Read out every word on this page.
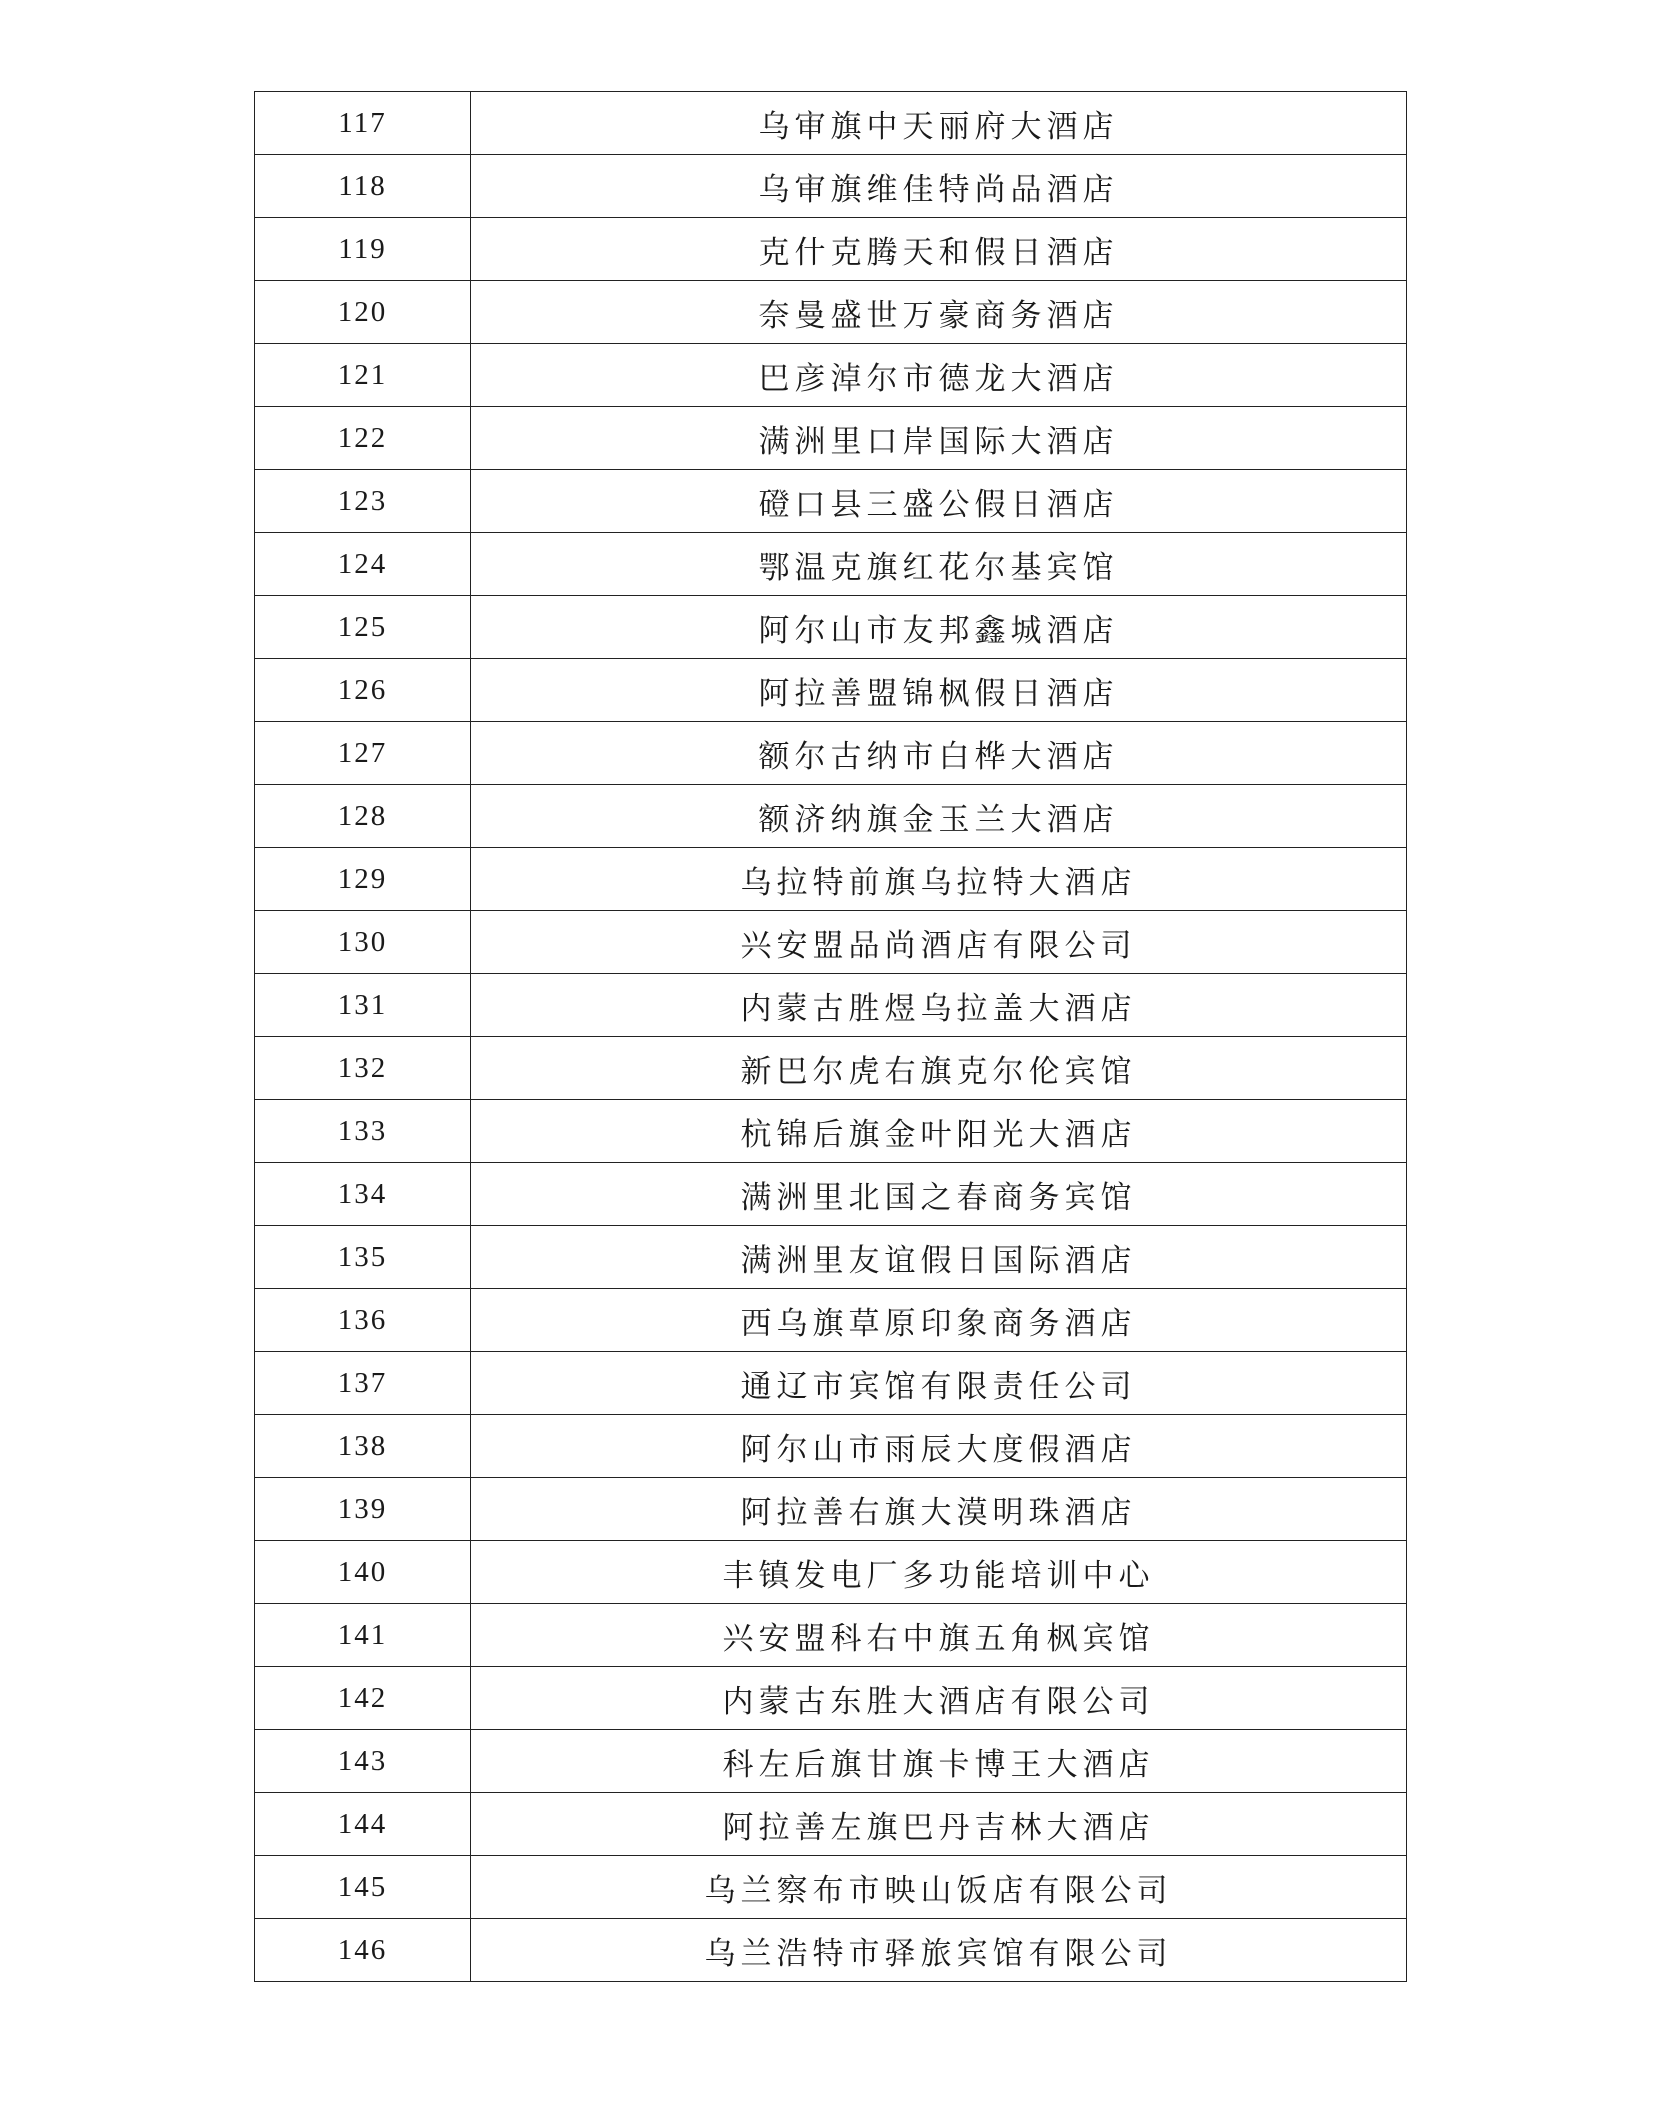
117	乌审旗中天丽府大酒店
118	乌审旗维佳特尚品酒店
119	克什克腾天和假日酒店
120	奈曼盛世万豪商务酒店
121	巴彦淖尔市德龙大酒店
122	满洲里口岸国际大酒店
123	磴口县三盛公假日酒店
124	鄂温克旗红花尔基宾馆
125	阿尔山市友邦鑫城酒店
126	阿拉善盟锦枫假日酒店
127	额尔古纳市白桦大酒店
128	额济纳旗金玉兰大酒店
129	乌拉特前旗乌拉特大酒店
130	兴安盟品尚酒店有限公司
131	内蒙古胜煜乌拉盖大酒店
132	新巴尔虎右旗克尔伦宾馆
133	杭锦后旗金叶阳光大酒店
134	满洲里北国之春商务宾馆
135	满洲里友谊假日国际酒店
136	西乌旗草原印象商务酒店
137	通辽市宾馆有限责任公司
138	阿尔山市雨辰大度假酒店
139	阿拉善右旗大漠明珠酒店
140	丰镇发电厂多功能培训中心
141	兴安盟科右中旗五角枫宾馆
142	内蒙古东胜大酒店有限公司
143	科左后旗甘旗卡博王大酒店
144	阿拉善左旗巴丹吉林大酒店
145	乌兰察布市映山饭店有限公司
146	乌兰浩特市驿旅宾馆有限公司
